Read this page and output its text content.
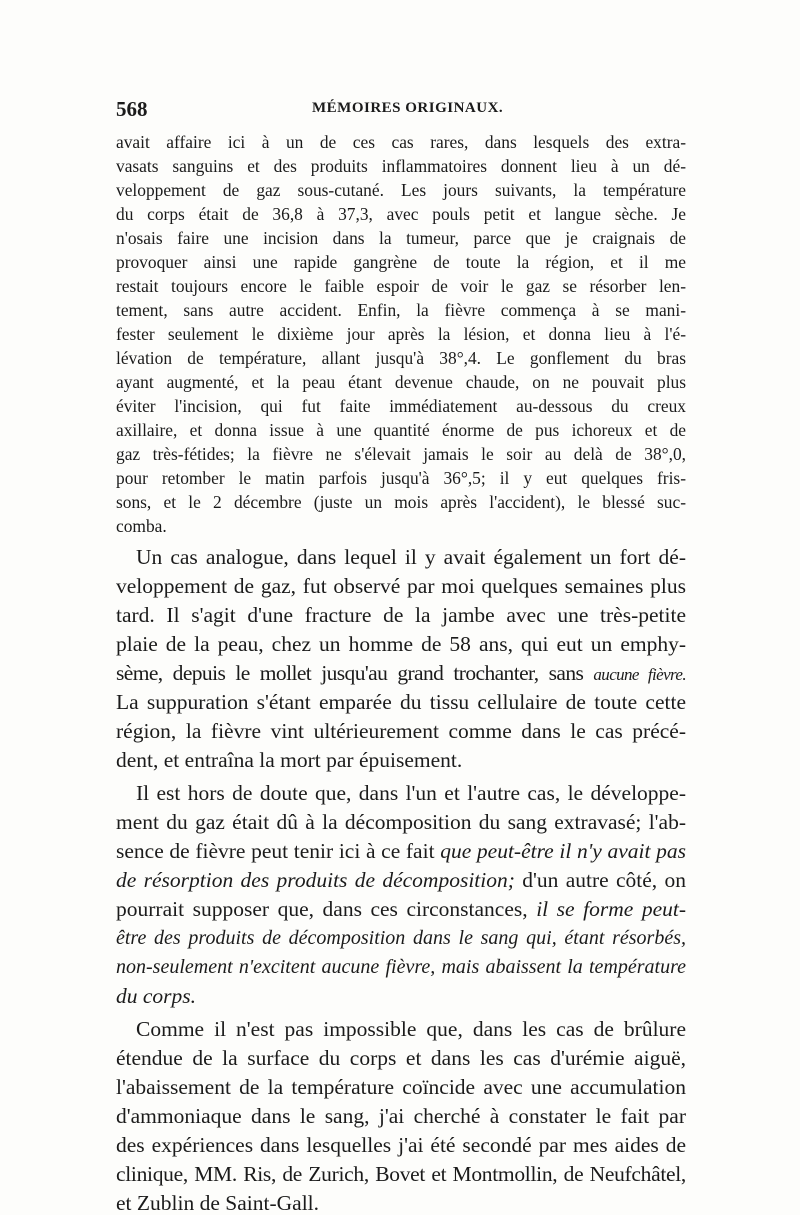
568	MÉMOIRES ORIGINAUX.

avait affaire ici à un de ces cas rares, dans lesquels des extra-

vasats sanguins et des produits inflammatoires donnent lieu à un dé-

veloppement de gaz sous-cutané. Les jours suivants, la température

du corps était de 36,8 à 37,3, avec pouls petit et langue sèche. Je

n'osais faire une incision dans la tumeur, parce que je craignais de

provoquer ainsi une rapide gangrène de toute la région, et il me

restait toujours encore le faible espoir de voir le gaz se résorber len-

tement, sans autre accident. Enfin, la fièvre commença à se mani-

fester seulement le dixième jour après la lésion, et donna lieu à l'é-

lévation de température, allant jusqu'à 38°,4. Le gonflement du bras

ayant augmenté, et la peau étant devenue chaude, on ne pouvait plus

éviter l'incision, qui fut faite immédiatement au-dessous du creux

axillaire, et donna issue à une quantité énorme de pus ichoreux et de

gaz très-fétides; la fièvre ne s'élevait jamais le soir au delà de 38°,0,

pour retomber le matin parfois jusqu'à 36°,5; il y eut quelques fris-

sons, et le 2 décembre (juste un mois après l'accident), le blessé suc-

comba.

Un cas analogue, dans lequel il y avait également un fort dé-

veloppement de gaz, fut observé par moi quelques semaines plus

tard. Il s'agit d'une fracture de la jambe avec une très-petite

plaie de la peau, chez un homme de 58 ans, qui eut un emphy-

sème, depuis le mollet jusqu'au grand trochanter, sans aucune fièvre.

La suppuration s'étant emparée du tissu cellulaire de toute cette

région, la fièvre vint ultérieurement comme dans le cas précé-

dent, et entraîna la mort par épuisement.

Il est hors de doute que, dans l'un et l'autre cas, le développe-

ment du gaz était dû à la décomposition du sang extravasé; l'ab-

sence de fièvre peut tenir ici à ce fait que peut-être il n'y avait pas

de résorption des produits de décomposition; d'un autre côté, on

pourrait supposer que, dans ces circonstances, il se forme peut-

être des produits de décomposition dans le sang qui, étant résorbés,

non-seulement n'excitent aucune fièvre, mais abaissent la température

du corps.

Comme il n'est pas impossible que, dans les cas de brûlure

étendue de la surface du corps et dans les cas d'urémie aiguë,

l'abaissement de la température coïncide avec une accumulation

d'ammoniaque dans le sang, j'ai cherché à constater le fait par

des expériences dans lesquelles j'ai été secondé par mes aides de

clinique, MM. Ris, de Zurich, Bovet et Montmollin, de Neufchâtel,

et Zublin de Saint-Gall.
